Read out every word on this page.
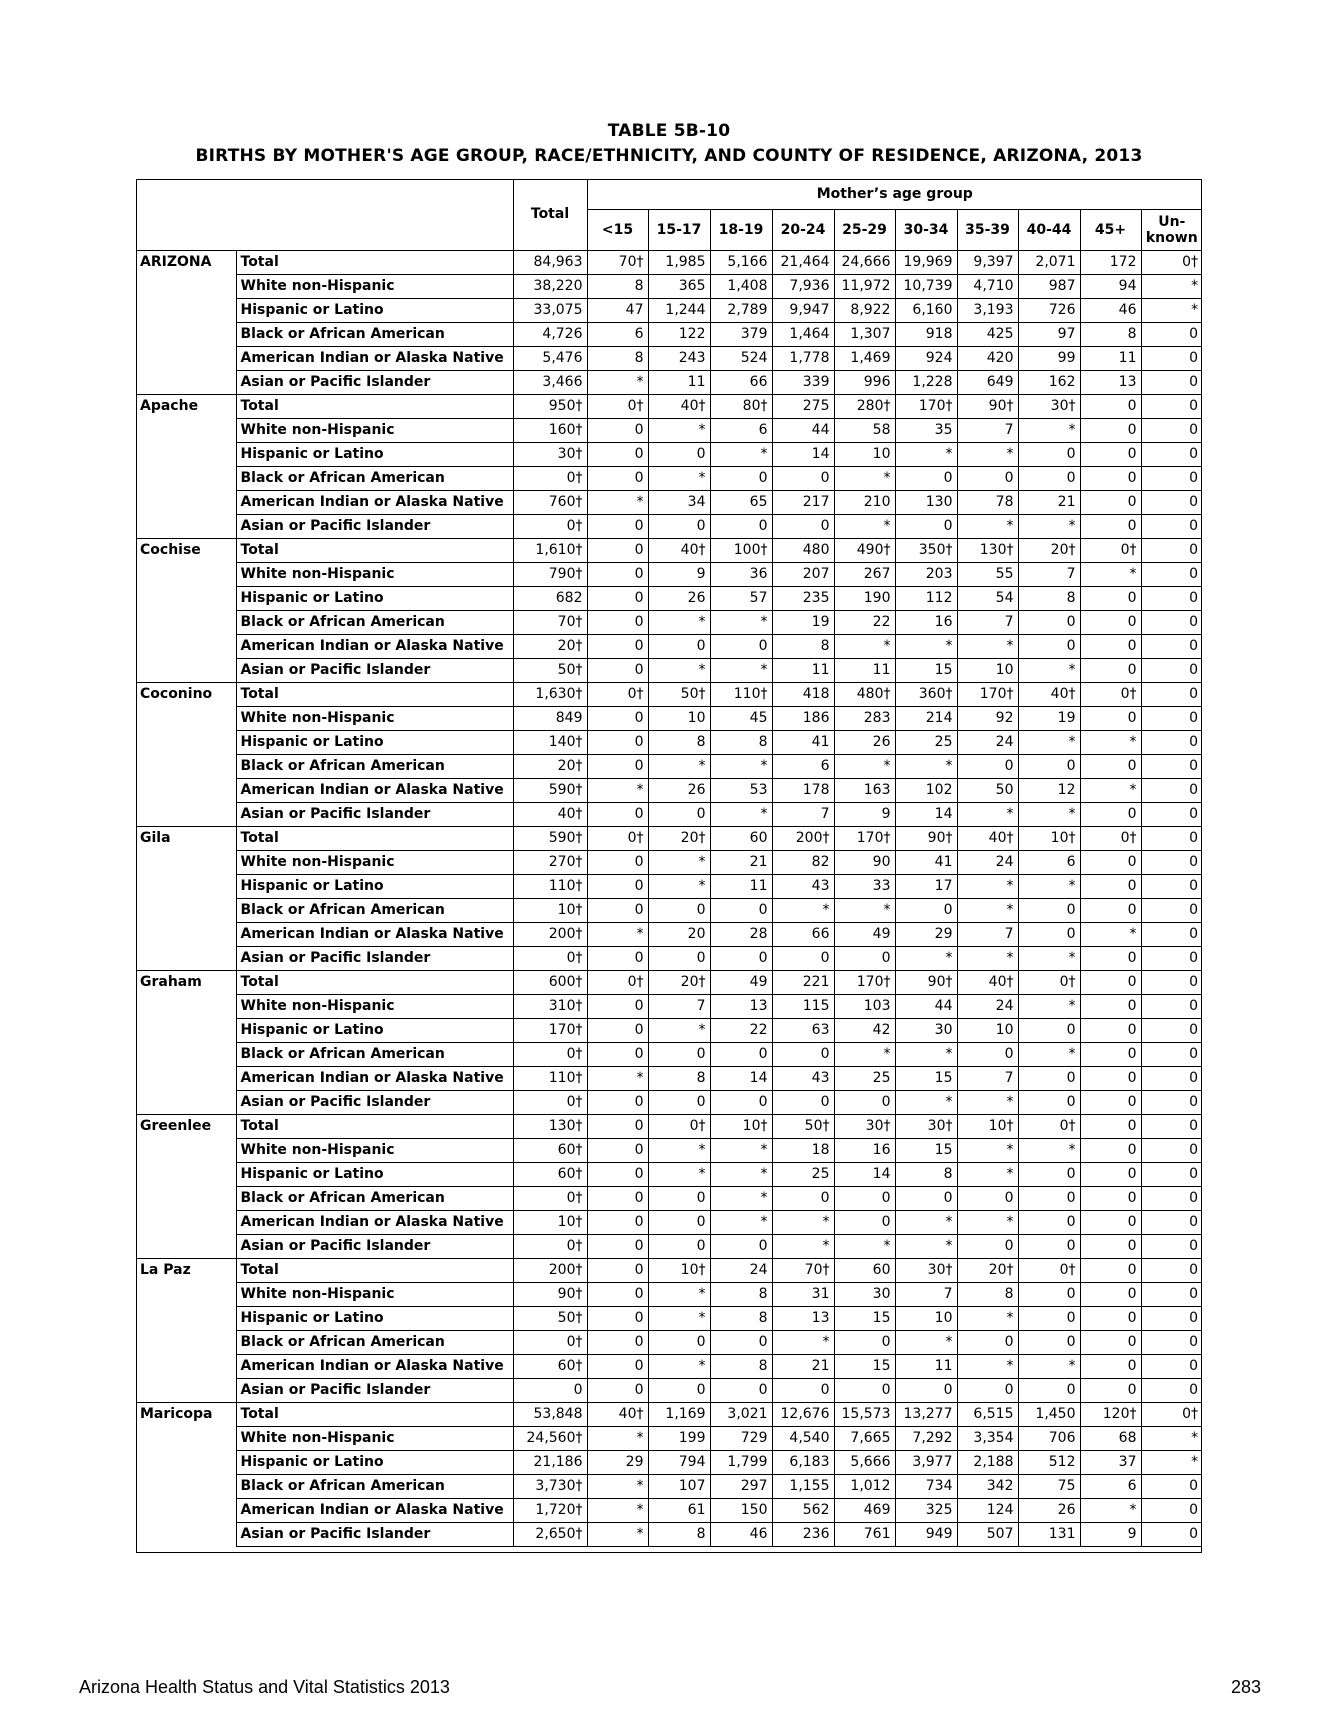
TABLE 5B-10
BIRTHS BY MOTHER'S AGE GROUP, RACE/ETHNICITY, AND COUNTY OF RESIDENCE, ARIZONA, 2013
		Total	Mother’s age group									
			<15	15-17	18-19	20-24	25-29	30-34	35-39	40-44	45+	Un-
known
ARIZONA	Total	84,963	70†	1,985	5,166	21,464	24,666	19,969	9,397	2,071	172	0†
	White non-Hispanic	38,220	8	365	1,408	7,936	11,972	10,739	4,710	987	94	*
	Hispanic or Latino	33,075	47	1,244	2,789	9,947	8,922	6,160	3,193	726	46	*
	Black or African American	4,726	6	122	379	1,464	1,307	918	425	97	8	0
	American Indian or Alaska Native	5,476	8	243	524	1,778	1,469	924	420	99	11	0
	Asian or Pacific Islander	3,466	*	11	66	339	996	1,228	649	162	13	0
Apache	Total	950†	0†	40†	80†	275	280†	170†	90†	30†	0	0
	White non-Hispanic	160†	0	*	6	44	58	35	7	*	0	0
	Hispanic or Latino	30†	0	0	*	14	10	*	*	0	0	0
	Black or African American	0†	0	*	0	0	*	0	0	0	0	0
	American Indian or Alaska Native	760†	*	34	65	217	210	130	78	21	0	0
	Asian or Pacific Islander	0†	0	0	0	0	*	0	*	*	0	0
Cochise	Total	1,610†	0	40†	100†	480	490†	350†	130†	20†	0†	0
	White non-Hispanic	790†	0	9	36	207	267	203	55	7	*	0
	Hispanic or Latino	682	0	26	57	235	190	112	54	8	0	0
	Black or African American	70†	0	*	*	19	22	16	7	0	0	0
	American Indian or Alaska Native	20†	0	0	0	8	*	*	*	0	0	0
	Asian or Pacific Islander	50†	0	*	*	11	11	15	10	*	0	0
Coconino	Total	1,630†	0†	50†	110†	418	480†	360†	170†	40†	0†	0
	White non-Hispanic	849	0	10	45	186	283	214	92	19	0	0
	Hispanic or Latino	140†	0	8	8	41	26	25	24	*	*	0
	Black or African American	20†	0	*	*	6	*	*	0	0	0	0
	American Indian or Alaska Native	590†	*	26	53	178	163	102	50	12	*	0
	Asian or Pacific Islander	40†	0	0	*	7	9	14	*	*	0	0
Gila	Total	590†	0†	20†	60	200†	170†	90†	40†	10†	0†	0
	White non-Hispanic	270†	0	*	21	82	90	41	24	6	0	0
	Hispanic or Latino	110†	0	*	11	43	33	17	*	*	0	0
	Black or African American	10†	0	0	0	*	*	0	*	0	0	0
	American Indian or Alaska Native	200†	*	20	28	66	49	29	7	0	*	0
	Asian or Pacific Islander	0†	0	0	0	0	0	*	*	*	0	0
Graham	Total	600†	0†	20†	49	221	170†	90†	40†	0†	0	0
	White non-Hispanic	310†	0	7	13	115	103	44	24	*	0	0
	Hispanic or Latino	170†	0	*	22	63	42	30	10	0	0	0
	Black or African American	0†	0	0	0	0	*	*	0	*	0	0
	American Indian or Alaska Native	110†	*	8	14	43	25	15	7	0	0	0
	Asian or Pacific Islander	0†	0	0	0	0	0	*	*	0	0	0
Greenlee	Total	130†	0	0†	10†	50†	30†	30†	10†	0†	0	0
	White non-Hispanic	60†	0	*	*	18	16	15	*	*	0	0
	Hispanic or Latino	60†	0	*	*	25	14	8	*	0	0	0
	Black or African American	0†	0	0	*	0	0	0	0	0	0	0
	American Indian or Alaska Native	10†	0	0	*	*	0	*	*	0	0	0
	Asian or Pacific Islander	0†	0	0	0	*	*	*	0	0	0	0
La Paz	Total	200†	0	10†	24	70†	60	30†	20†	0†	0	0
	White non-Hispanic	90†	0	*	8	31	30	7	8	0	0	0
	Hispanic or Latino	50†	0	*	8	13	15	10	*	0	0	0
	Black or African American	0†	0	0	0	*	0	*	0	0	0	0
	American Indian or Alaska Native	60†	0	*	8	21	15	11	*	*	0	0
	Asian or Pacific Islander	0	0	0	0	0	0	0	0	0	0	0
Maricopa	Total	53,848	40†	1,169	3,021	12,676	15,573	13,277	6,515	1,450	120†	0†
	White non-Hispanic	24,560†	*	199	729	4,540	7,665	7,292	3,354	706	68	*
	Hispanic or Latino	21,186	29	794	1,799	6,183	5,666	3,977	2,188	512	37	*
	Black or African American	3,730†	*	107	297	1,155	1,012	734	342	75	6	0
	American Indian or Alaska Native	1,720†	*	61	150	562	469	325	124	26	*	0
	Asian or Pacific Islander	2,650†	*	8	46	236	761	949	507	131	9	0
Arizona Health Status and Vital Statistics 2013	283
